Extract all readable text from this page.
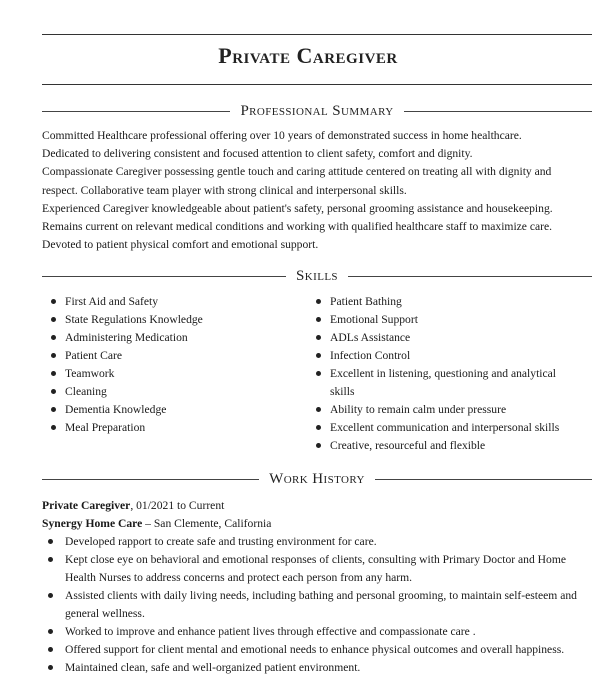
Private Caregiver
Professional Summary

Committed Healthcare professional offering over 10 years of demonstrated success in home healthcare.

Dedicated to delivering consistent and focused attention to client safety, comfort and dignity.

Compassionate Caregiver possessing gentle touch and caring attitude centered on treating all with dignity and

respect. Collaborative team player with strong clinical and interpersonal skills.

Experienced Caregiver knowledgeable about patient's safety, personal grooming assistance and housekeeping.

Remains current on relevant medical conditions and working with qualified healthcare staff to maximize care.

Devoted to patient physical comfort and emotional support.

Skills
First Aid and Safety
State Regulations Knowledge
Administering Medication
Patient Care
Teamwork
Cleaning
Dementia Knowledge
Meal Preparation
Patient Bathing
Emotional Support
ADLs Assistance
Infection Control
Excellent in listening, questioning and analytical skills
Ability to remain calm under pressure
Excellent communication and interpersonal skills
Creative, resourceful and flexible
Work History

Private Caregiver, 01/2021 to Current

Synergy Home Care – San Clemente, California

Developed rapport to create safe and trusting environment for care.
Kept close eye on behavioral and emotional responses of clients, consulting with Primary Doctor and Home Health Nurses to address concerns and protect each person from any harm.
Assisted clients with daily living needs, including bathing and personal grooming, to maintain self-esteem and general wellness.
Worked to improve and enhance patient lives through effective and compassionate care .
Offered support for client mental and emotional needs to enhance physical outcomes and overall happiness.
Maintained clean, safe and well-organized patient environment.
